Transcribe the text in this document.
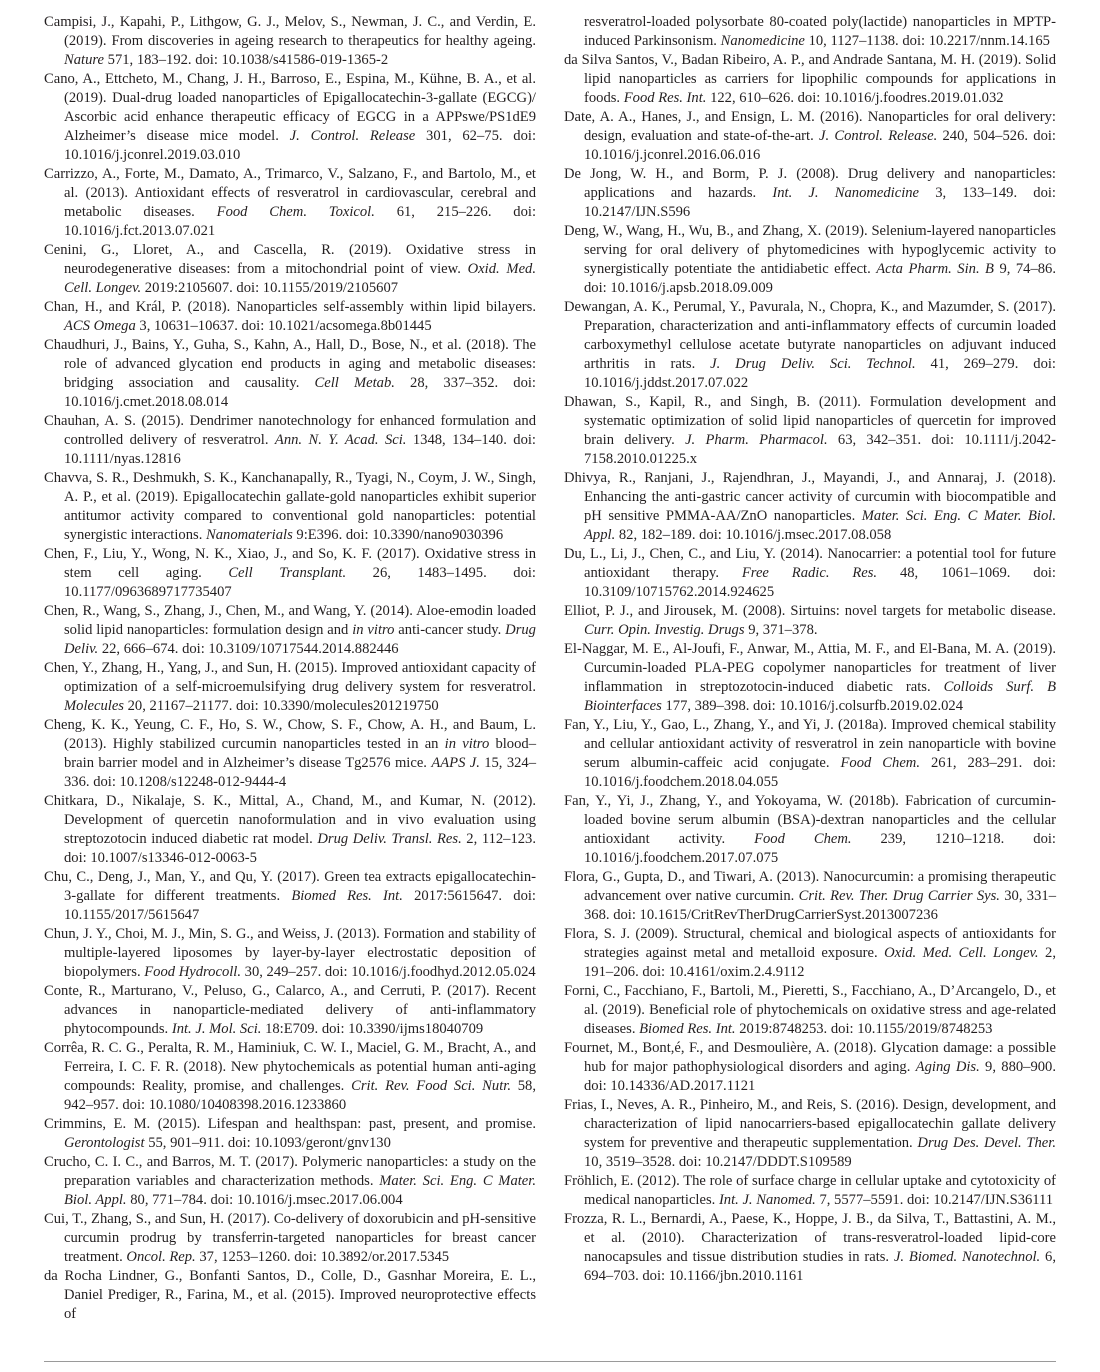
Campisi, J., Kapahi, P., Lithgow, G. J., Melov, S., Newman, J. C., and Verdin, E. (2019). From discoveries in ageing research to therapeutics for healthy ageing. Nature 571, 183–192. doi: 10.1038/s41586-019-1365-2

Cano, A., Ettcheto, M., Chang, J. H., Barroso, E., Espina, M., Kühne, B. A., et al. (2019). Dual-drug loaded nanoparticles of Epigallocatechin-3-gallate (EGCG)/ Ascorbic acid enhance therapeutic efficacy of EGCG in a APPswe/PS1dE9 Alzheimer’s disease mice model. J. Control. Release 301, 62–75. doi: 10.1016/j.jconrel.2019.03.010

Carrizzo, A., Forte, M., Damato, A., Trimarco, V., Salzano, F., and Bartolo, M., et al. (2013). Antioxidant effects of resveratrol in cardiovascular, cerebral and metabolic diseases. Food Chem. Toxicol. 61, 215–226. doi: 10.1016/j.fct.2013.07.021

Cenini, G., Lloret, A., and Cascella, R. (2019). Oxidative stress in neurodegenerative diseases: from a mitochondrial point of view. Oxid. Med. Cell. Longev. 2019:2105607. doi: 10.1155/2019/2105607

Chan, H., and Král, P. (2018). Nanoparticles self-assembly within lipid bilayers. ACS Omega 3, 10631–10637. doi: 10.1021/acsomega.8b01445

Chaudhuri, J., Bains, Y., Guha, S., Kahn, A., Hall, D., Bose, N., et al. (2018). The role of advanced glycation end products in aging and metabolic diseases: bridging association and causality. Cell Metab. 28, 337–352. doi: 10.1016/j.cmet.2018.08.014

Chauhan, A. S. (2015). Dendrimer nanotechnology for enhanced formulation and controlled delivery of resveratrol. Ann. N. Y. Acad. Sci. 1348, 134–140. doi: 10.1111/nyas.12816

Chavva, S. R., Deshmukh, S. K., Kanchanapally, R., Tyagi, N., Coym, J. W., Singh, A. P., et al. (2019). Epigallocatechin gallate-gold nanoparticles exhibit superior antitumor activity compared to conventional gold nanoparticles: potential synergistic interactions. Nanomaterials 9:E396. doi: 10.3390/nano9030396

Chen, F., Liu, Y., Wong, N. K., Xiao, J., and So, K. F. (2017). Oxidative stress in stem cell aging. Cell Transplant. 26, 1483–1495. doi: 10.1177/0963689717735407

Chen, R., Wang, S., Zhang, J., Chen, M., and Wang, Y. (2014). Aloe-emodin loaded solid lipid nanoparticles: formulation design and in vitro anti-cancer study. Drug Deliv. 22, 666–674. doi: 10.3109/10717544.2014.882446

Chen, Y., Zhang, H., Yang, J., and Sun, H. (2015). Improved antioxidant capacity of optimization of a self-microemulsifying drug delivery system for resveratrol. Molecules 20, 21167–21177. doi: 10.3390/molecules201219750

Cheng, K. K., Yeung, C. F., Ho, S. W., Chow, S. F., Chow, A. H., and Baum, L. (2013). Highly stabilized curcumin nanoparticles tested in an in vitro blood–brain barrier model and in Alzheimer’s disease Tg2576 mice. AAPS J. 15, 324–336. doi: 10.1208/s12248-012-9444-4

Chitkara, D., Nikalaje, S. K., Mittal, A., Chand, M., and Kumar, N. (2012). Development of quercetin nanoformulation and in vivo evaluation using streptozotocin induced diabetic rat model. Drug Deliv. Transl. Res. 2, 112–123. doi: 10.1007/s13346-012-0063-5

Chu, C., Deng, J., Man, Y., and Qu, Y. (2017). Green tea extracts epigallocatechin-3-gallate for different treatments. Biomed Res. Int. 2017:5615647. doi: 10.1155/2017/5615647

Chun, J. Y., Choi, M. J., Min, S. G., and Weiss, J. (2013). Formation and stability of multiple-layered liposomes by layer-by-layer electrostatic deposition of biopolymers. Food Hydrocoll. 30, 249–257. doi: 10.1016/j.foodhyd.2012.05.024

Conte, R., Marturano, V., Peluso, G., Calarco, A., and Cerruti, P. (2017). Recent advances in nanoparticle-mediated delivery of anti-inflammatory phytocompounds. Int. J. Mol. Sci. 18:E709. doi: 10.3390/ijms18040709

Corrêa, R. C. G., Peralta, R. M., Haminiuk, C. W. I., Maciel, G. M., Bracht, A., and Ferreira, I. C. F. R. (2018). New phytochemicals as potential human anti-aging compounds: Reality, promise, and challenges. Crit. Rev. Food Sci. Nutr. 58, 942–957. doi: 10.1080/10408398.2016.1233860

Crimmins, E. M. (2015). Lifespan and healthspan: past, present, and promise. Gerontologist 55, 901–911. doi: 10.1093/geront/gnv130

Crucho, C. I. C., and Barros, M. T. (2017). Polymeric nanoparticles: a study on the preparation variables and characterization methods. Mater. Sci. Eng. C Mater. Biol. Appl. 80, 771–784. doi: 10.1016/j.msec.2017.06.004

Cui, T., Zhang, S., and Sun, H. (2017). Co-delivery of doxorubicin and pH-sensitive curcumin prodrug by transferrin-targeted nanoparticles for breast cancer treatment. Oncol. Rep. 37, 1253–1260. doi: 10.3892/or.2017.5345

da Rocha Lindner, G., Bonfanti Santos, D., Colle, D., Gasnhar Moreira, E. L., Daniel Prediger, R., Farina, M., et al. (2015). Improved neuroprotective effects of

resveratrol-loaded polysorbate 80-coated poly(lactide) nanoparticles in MPTP-induced Parkinsonism. Nanomedicine 10, 1127–1138. doi: 10.2217/nnm.14.165

da Silva Santos, V., Badan Ribeiro, A. P., and Andrade Santana, M. H. (2019). Solid lipid nanoparticles as carriers for lipophilic compounds for applications in foods. Food Res. Int. 122, 610–626. doi: 10.1016/j.foodres.2019.01.032

Date, A. A., Hanes, J., and Ensign, L. M. (2016). Nanoparticles for oral delivery: design, evaluation and state-of-the-art. J. Control. Release. 240, 504–526. doi: 10.1016/j.jconrel.2016.06.016

De Jong, W. H., and Borm, P. J. (2008). Drug delivery and nanoparticles: applications and hazards. Int. J. Nanomedicine 3, 133–149. doi: 10.2147/IJN.S596

Deng, W., Wang, H., Wu, B., and Zhang, X. (2019). Selenium-layered nanoparticles serving for oral delivery of phytomedicines with hypoglycemic activity to synergistically potentiate the antidiabetic effect. Acta Pharm. Sin. B 9, 74–86. doi: 10.1016/j.apsb.2018.09.009

Dewangan, A. K., Perumal, Y., Pavurala, N., Chopra, K., and Mazumder, S. (2017). Preparation, characterization and anti-inflammatory effects of curcumin loaded carboxymethyl cellulose acetate butyrate nanoparticles on adjuvant induced arthritis in rats. J. Drug Deliv. Sci. Technol. 41, 269–279. doi: 10.1016/j.jddst.2017.07.022

Dhawan, S., Kapil, R., and Singh, B. (2011). Formulation development and systematic optimization of solid lipid nanoparticles of quercetin for improved brain delivery. J. Pharm. Pharmacol. 63, 342–351. doi: 10.1111/j.2042-7158.2010.01225.x

Dhivya, R., Ranjani, J., Rajendhran, J., Mayandi, J., and Annaraj, J. (2018). Enhancing the anti-gastric cancer activity of curcumin with biocompatible and pH sensitive PMMA-AA/ZnO nanoparticles. Mater. Sci. Eng. C Mater. Biol. Appl. 82, 182–189. doi: 10.1016/j.msec.2017.08.058

Du, L., Li, J., Chen, C., and Liu, Y. (2014). Nanocarrier: a potential tool for future antioxidant therapy. Free Radic. Res. 48, 1061–1069. doi: 10.3109/10715762.2014.924625

Elliot, P. J., and Jirousek, M. (2008). Sirtuins: novel targets for metabolic disease. Curr. Opin. Investig. Drugs 9, 371–378.

El-Naggar, M. E., Al-Joufi, F., Anwar, M., Attia, M. F., and El-Bana, M. A. (2019). Curcumin-loaded PLA-PEG copolymer nanoparticles for treatment of liver inflammation in streptozotocin-induced diabetic rats. Colloids Surf. B Biointerfaces 177, 389–398. doi: 10.1016/j.colsurfb.2019.02.024

Fan, Y., Liu, Y., Gao, L., Zhang, Y., and Yi, J. (2018a). Improved chemical stability and cellular antioxidant activity of resveratrol in zein nanoparticle with bovine serum albumin-caffeic acid conjugate. Food Chem. 261, 283–291. doi: 10.1016/j.foodchem.2018.04.055

Fan, Y., Yi, J., Zhang, Y., and Yokoyama, W. (2018b). Fabrication of curcumin-loaded bovine serum albumin (BSA)-dextran nanoparticles and the cellular antioxidant activity. Food Chem. 239, 1210–1218. doi: 10.1016/j.foodchem.2017.07.075

Flora, G., Gupta, D., and Tiwari, A. (2013). Nanocurcumin: a promising therapeutic advancement over native curcumin. Crit. Rev. Ther. Drug Carrier Sys. 30, 331–368. doi: 10.1615/CritRevTherDrugCarrierSyst.2013007236

Flora, S. J. (2009). Structural, chemical and biological aspects of antioxidants for strategies against metal and metalloid exposure. Oxid. Med. Cell. Longev. 2, 191–206. doi: 10.4161/oxim.2.4.9112

Forni, C., Facchiano, F., Bartoli, M., Pieretti, S., Facchiano, A., D’Arcangelo, D., et al. (2019). Beneficial role of phytochemicals on oxidative stress and age-related diseases. Biomed Res. Int. 2019:8748253. doi: 10.1155/2019/8748253

Fournet, M., Bont,é, F., and Desmoulière, A. (2018). Glycation damage: a possible hub for major pathophysiological disorders and aging. Aging Dis. 9, 880–900. doi: 10.14336/AD.2017.1121

Frias, I., Neves, A. R., Pinheiro, M., and Reis, S. (2016). Design, development, and characterization of lipid nanocarriers-based epigallocatechin gallate delivery system for preventive and therapeutic supplementation. Drug Des. Devel. Ther. 10, 3519–3528. doi: 10.2147/DDDT.S109589

Fröhlich, E. (2012). The role of surface charge in cellular uptake and cytotoxicity of medical nanoparticles. Int. J. Nanomed. 7, 5577–5591. doi: 10.2147/IJN.S36111

Frozza, R. L., Bernardi, A., Paese, K., Hoppe, J. B., da Silva, T., Battastini, A. M., et al. (2010). Characterization of trans-resveratrol-loaded lipid-core nanocapsules and tissue distribution studies in rats. J. Biomed. Nanotechnol. 6, 694–703. doi: 10.1166/jbn.2010.1161
